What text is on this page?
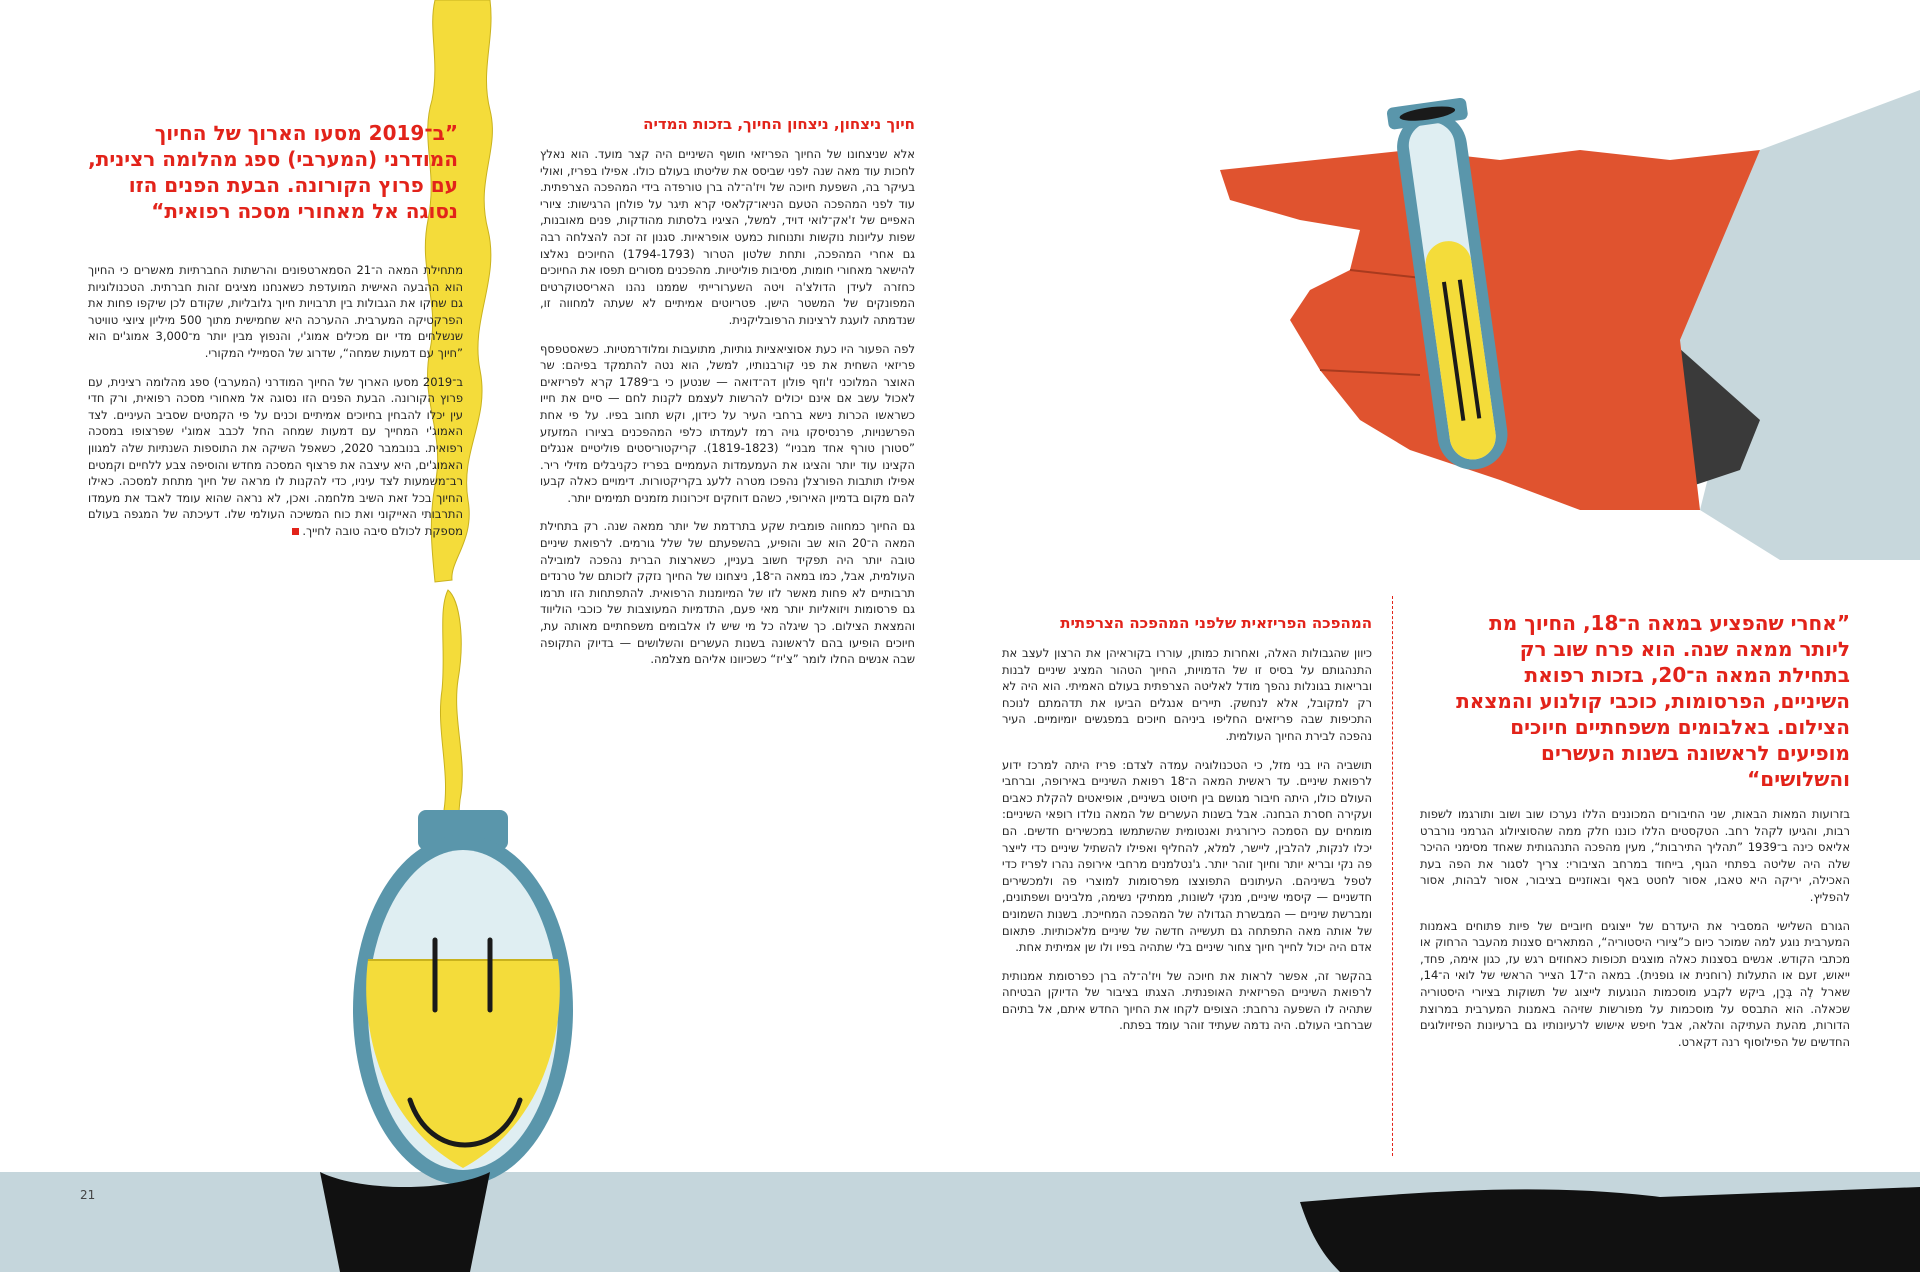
21
”ב־2019 מסעו הארוך של החיוך המודרני (המערבי) ספג מהלומה רצינית, עם פרוץ הקורונה. הבעת הפנים הזו נסוגה אל מאחורי מסכה רפואית“
”אחרי שהפציע במאה ה־18, החיוך מת ליותר ממאה שנה. הוא פרח שוב רק בתחילת המאה ה־20, בזכות רפואת השיניים, הפרסומות, כוכבי קולנוע והמצאת הצילום. באלבומים משפחתיים חיוכים מופיעים לראשונה בשנות העשרים והשלושים“

מתחילת המאה ה־21 הסמארטפונים והרשתות החברתיות מאשרים כי החיוך הוא ההבעה האישית המועדפת כשאנחנו מציגים זהות חברתית. הטכנולוגיות גם שחקו את הגבולות בין תרבויות חיוך גלובליות, שקודם לכן שיקפו פחות את הפרקטיקה המערבית. ההערכה היא שחמישית מתוך 500 מיליון ציוצי טוויטר שנשלחים מדי יום מכילים אמוג'י, והנפוץ מבין יותר מ־3,000 אמוג'ים הוא ”חיוך עם דמעות שמחה“, שדרוג של הסמיילי המקורי.

ב־2019 מסעו הארוך של החיוך המודרני (המערבי) ספג מהלומה רצינית, עם פרוץ הקורונה. הבעת הפנים הזו נסוגה אל מאחורי מסכה רפואית, ורק חדי עין יכלו להבחין בחיוכים אמיתיים וכנים על פי הקמטים שסביב העיניים. לצד האמוג'י המחייך עם דמעות שמחה החל לכבב אמוג'י שפרצופו במסכה רפואית. בנובמבר 2020, כשאפל השיקה את התוספות השנתיות שלה למגוון האמוג'ים, היא עיצבה את פרצוף המסכה מחדש והוסיפה צבע ללחיים וקמטים רב־משמעות לצד עיניו, כדי להקנות לו מראה של חיוך מתחת למסכה. כאילו החיוך בכל זאת השיב מלחמה. ואכן, לא נראה שהוא עומד לאבד את מעמדו התרבותי האייקוני ואת כוח המשיכה העולמי שלו. דעיכתה של המגפה בעולם מספקת לכולם סיבה טובה לחייך.

חיוך ניצחון, ניצחון החיוך, בזכות המדיה

אלא שניצחונו של החיוך הפריזאי חושף השיניים היה קצר מועד. הוא נאלץ לחכות עוד מאה שנה לפני שביסס את שליטתו בעולם כולו. אפילו בפריז, ואולי בעיקר בה, השפעת חיוכה של ויז'ה־לה ברן טורפדה בידי המהפכה הצרפתית. עוד לפני המהפכה הטעם הניאו־קלאסי קרא תיגר על פולחן הרגישות: ציורי האפיים של ז'אק־לואי דויד, למשל, הציגיו בלסתות מהודקות, פנים מאובנות, שפות עליונות נוקשות ותנוחות כמעט אופראיות. סגנון זה זכה להצלחה רבה גם אחרי המהפכה, ותחת שלטון הטרור (1794-1793) החיוכים נאלצו להישאר מאחורי חומות, מסיבות פוליטיות. מהפכנים מסורים תפסו את החיוכים כחזרה לעידן הדולצ'ה ויטה השערורייתי שממנו נהנו האריסטוקרטים המפונקים של המשטר הישן. פטריוטים אמיתיים לא שעתה למחווה זו, שנדמתה לועגת לרצינות הרפובליקנית.

לפה הפעור היו כעת אסוציאציות גותיות, מתועבות ומלודרמטיות. כשאסטפסף פריזאי השחית את פני קורבנותיו, למשל, הוא נטה להתמקד בפיהם: שר האוצר המלוכני ז'וזף פולון דה־דואה — שנטען כי ב־1789 קרא לפריזאים לאכול עשב אם אינם יכולים להרשות לעצמם לקנות לחם — סיים את חייו כשראשו הכרות נישא ברחבי העיר על כידון, וקש תחוב בפיו. על פי אחת הפרשנויות, פרנסיסקו גויה רמז לעמדתו כלפי המהפכנים בציורו המזעזע ”סטורן טורף אחד מבניו“ (1819-1823). קריקטוריסטים פוליטיים אנגלים הקצינו עוד יותר והציגו את העמעמדות העממיים בפריז כקניבלים מזילי ריר. אפילו תותבות הפורצלן נהפכו מטרה ללעג בקריקטורות. דימויים כאלה קבעו להם מקום בדמיון האירופי, כשהם דוחקים זיכרונות מזמנים תמימים יותר.

גם החיוך כמחווה פומבית שקע בתרדמת של יותר ממאה שנה. רק בתחילת המאה ה־20 הוא שב והופיע, בהשפעתם של שלל גורמים. לרפואת שיניים טובה יותר היה תפקיד חשוב בעניין, כשארצות הברית נהפכה למובילה העולמית, אבל, כמו במאה ה־18, ניצחונו של החיוך נזקק לזכותם של טרנדים תרבותיים לא פחות מאשר לזו של המיומנות הרפואית. להתפתחות הזו תרמו גם פרסומות ויזואליות יותר מאי פעם, התדמיות המעוצבות של כוכבי הוליווד והמצאת הצילום. כך שיגלה כל מי שיש לו אלבומים משפחתיים מאותה עת, חיוכים הופיעו בהם לראשונה בשנות העשרים והשלושים — בדיוק התקופה שבה אנשים החלו לומר ”צ'יז“ כשכיוונו אליהם מצלמה.

המהפכה הפריזאית שלפני המהפכה הצרפתית

כיוון שהגבולות האלה, ואחרות כמותן, עוררו בקוראיהן את הרצון לעצב את התנהגותם על בסיס זו של הדמויות, החיוך הטהור המציג שיניים לבנות ובריאות בגונלות נהפך מודל לאליטה הצרפתית בעולם האמיתי. הוא היה לא רק למקובל, אלא לנחשק. תיירים אנגלים הביעו את תדהמתם לנוכח התכיפות שבה פריזאים החליפו ביניהם חיוכים במפגשים יומיומיים. העיר נהפכה לבירת החיוך העולמית.

תושביה היו בני מזל, כי הטכנולוגיה עמדה לצדם: פריז היתה למרכז ידוע לרפואת שיניים. עד ראשית המאה ה־18 רפואת השיניים באירופה, וברחבי העולם כולו, היתה חיבור מגושם בין חיטוט בשיניים, אופיאטים להקלת כאבים ועקירה חסרת הבחנה. אבל בשנות העשרים של המאה נולדו רופאי השיניים: מומחים עם הסמכה כירורגית ואנטומית שהשתמשו במכשירים חדשים. הם יכלו לנקות, להלבין, ליישר, למלא, להחליף ואפילו להשתיל שיניים כדי לייצר פה נקי ובריא יותר וחיוך זוהר יותר. ג'נטלמנים מרחבי אירופה נהרו לפריז כדי לטפל בשיניהם. העיתונים התפוצצו מפרסומות למוצרי פה ולמכשירים חדשניים — קיסמי שיניים, מנקי לשונות, ממתיקי נשימה, מלבינים ושפתונים, ומברשת שיניים — המבשרת הגדולה של המהפכה המחייכת. בשנות השמונים של אותה מאה התפתחה גם תעשייה חדשה של שיניים מלאכותיות. פתאום אדם היה יכול לחייך חיוך צחור שיניים בלי שתהיה בפיו ולו שן אמיתית אחת.

בהקשר זה, אפשר לראות את חיוכה של ויז'ה־לה ברן כפרסומת אמנותית לרפואת השיניים הפריזאית האופנתית. הצגתו בציבור של הדיוקן הבטיחה שתהיה לו השפעה נרחבת: הצופים לקחו את החיוך החדש איתם, אל בתיהם שברחבי העולם. היה נדמה שעתיד זוהר עומד בפתח.

בזרועות המאות הבאות, שני החיבורים המכוננים הללו נערכו שוב ושוב ותורגמו לשפות רבות, והגיעו לקהל רחב. הטקסטים הללו כוננו חלק ממה שהסוציולוג הגרמני נורברט אליאס כינה ב־1939 ”תהליך התירבות“, מעין מהפכה התנהגותית שאחד מסימני ההיכר שלה היה שליטה בפתחי הגוף, בייחוד במרחב הציבורי: צריך לסגור את הפה בעת האכילה, יריקה היא טאבו, אסור לחטט באף ובאוזניים בציבור, אסור לבהות, אסור להפליץ.

הגורם השלישי המסביר את היעדרם של ייצוגים חיוביים של פיות פתוחים באמנות המערבית נוגע למה שמוכר כיום כ”ציורי היסטוריה“, המתארים סצנות מהעבר הרחוק או מכתבי הקודש. אנשים בסצנות כאלה מוצגים תכופות כאחוזים רגש עז, כגון אימה, פחד, ייאוש, זעם או התעלות (רוחנית או גופנית). במאה ה־17 הצייר הראשי של לואי ה־14, שארל לֶה בְּרָן, ביקש לקבע מוסכמות הנוגעות לייצוג של תשוקות בציורי היסטוריה שכאלה. הוא התבסס על מוסכמות על מפורשות שזיהה באמנות המערבית במרוצת הדורות, מהעת העתיקה והלאה, אבל חיפש אישוש לרעיונותיו גם ברעיונות הפיזיולוגים החדשים של הפילוסוף רנה דקארט.
